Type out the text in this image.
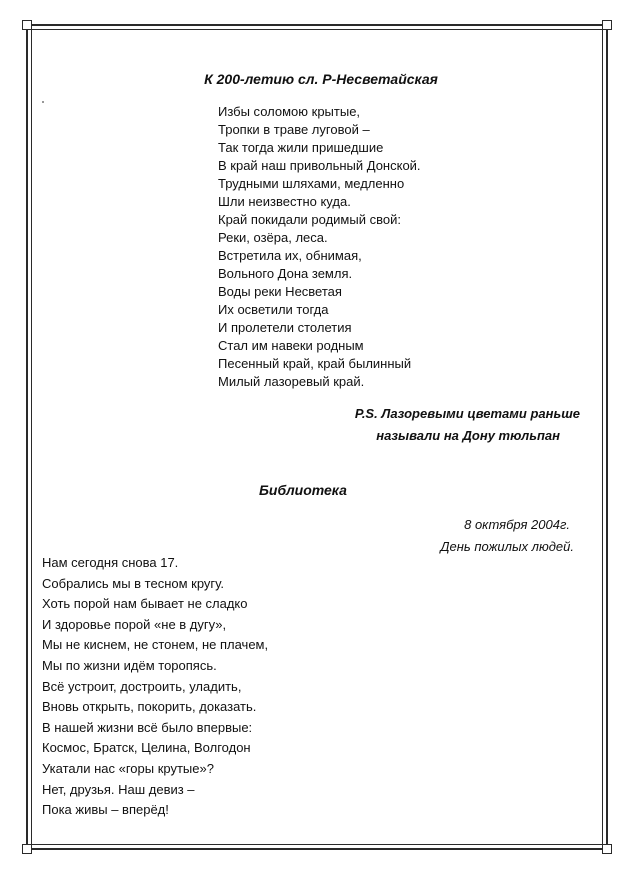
К 200-летию сл. Р-Несветайская
Избы соломою крытые,
Тропки в траве луговой –
Так тогда жили пришедшие
В край наш привольный Донской.
Трудными шляхами, медленно
Шли неизвестно куда.
Край покидали родимый свой:
Реки, озёра, леса.
Встретила их, обнимая,
Вольного Дона земля.
Воды реки Несветая
Их осветили тогда
И пролетели столетия
Стал им навеки родным
Песенный край, край былинный
Милый лазоревый край.
P.S. Лазоревыми цветами раньше
называли на Дону тюльпан
Библиотека
8 октября 2004г.
День пожилых людей.
Нам сегодня снова 17.
Собрались мы в тесном кругу.
Хоть порой нам бывает не сладко
И здоровье порой «не в дугу»,
Мы не киснем, не стонем, не плачем,
Мы по жизни идём торопясь.
Всё устроит, достроить, уладить,
Вновь открыть, покорить, доказать.
В нашей жизни всё было впервые:
Космос, Братск, Целина, Волгодон
Укатали нас «горы крутые»?
Нет, друзья. Наш девиз –
Пока живы – вперёд!
